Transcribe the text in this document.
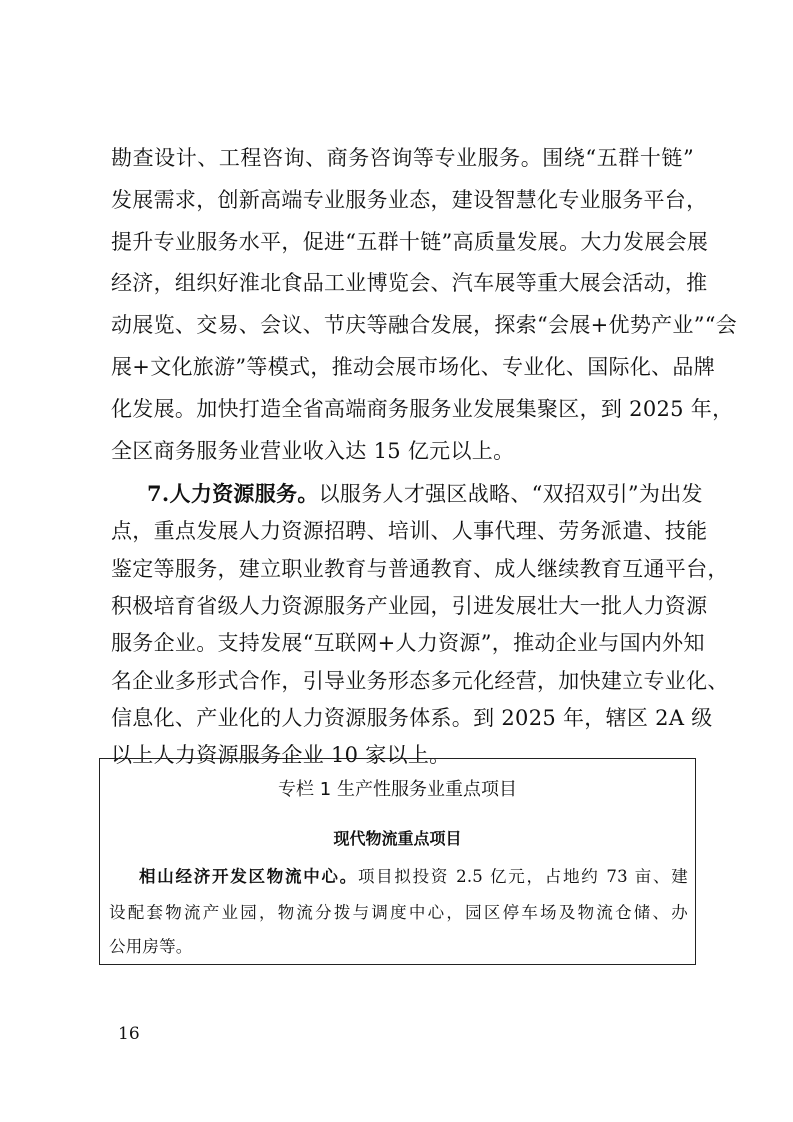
勘查设计、工程咨询、商务咨询等专业服务。围绕“五群十链”

发展需求，创新高端专业服务业态，建设智慧化专业服务平台，

提升专业服务水平，促进“五群十链”高质量发展。大力发展会展

经济，组织好淮北食品工业博览会、汽车展等重大展会活动，推

动展览、交易、会议、节庆等融合发展，探索“会展+优势产业”“会

展+文化旅游”等模式，推动会展市场化、专业化、国际化、品牌

化发展。加快打造全省高端商务服务业发展集聚区，到 2025 年，

全区商务服务业营业收入达 15 亿元以上。

7.人力资源服务。以服务人才强区战略、“双招双引”为出发

点，重点发展人力资源招聘、培训、人事代理、劳务派遣、技能

鉴定等服务，建立职业教育与普通教育、成人继续教育互通平台，

积极培育省级人力资源服务产业园，引进发展壮大一批人力资源

服务企业。支持发展“互联网+人力资源”，推动企业与国内外知

名企业多形式合作，引导业务形态多元化经营，加快建立专业化、

信息化、产业化的人力资源服务体系。到 2025 年，辖区 2A 级

以上人力资源服务企业 10 家以上。

专栏 1 生产性服务业重点项目
现代物流重点项目

相山经济开发区物流中心。项目拟投资 2.5 亿元，占地约 73 亩、建

设配套物流产业园，物流分拨与调度中心，园区停车场及物流仓储、办

公用房等。

16
